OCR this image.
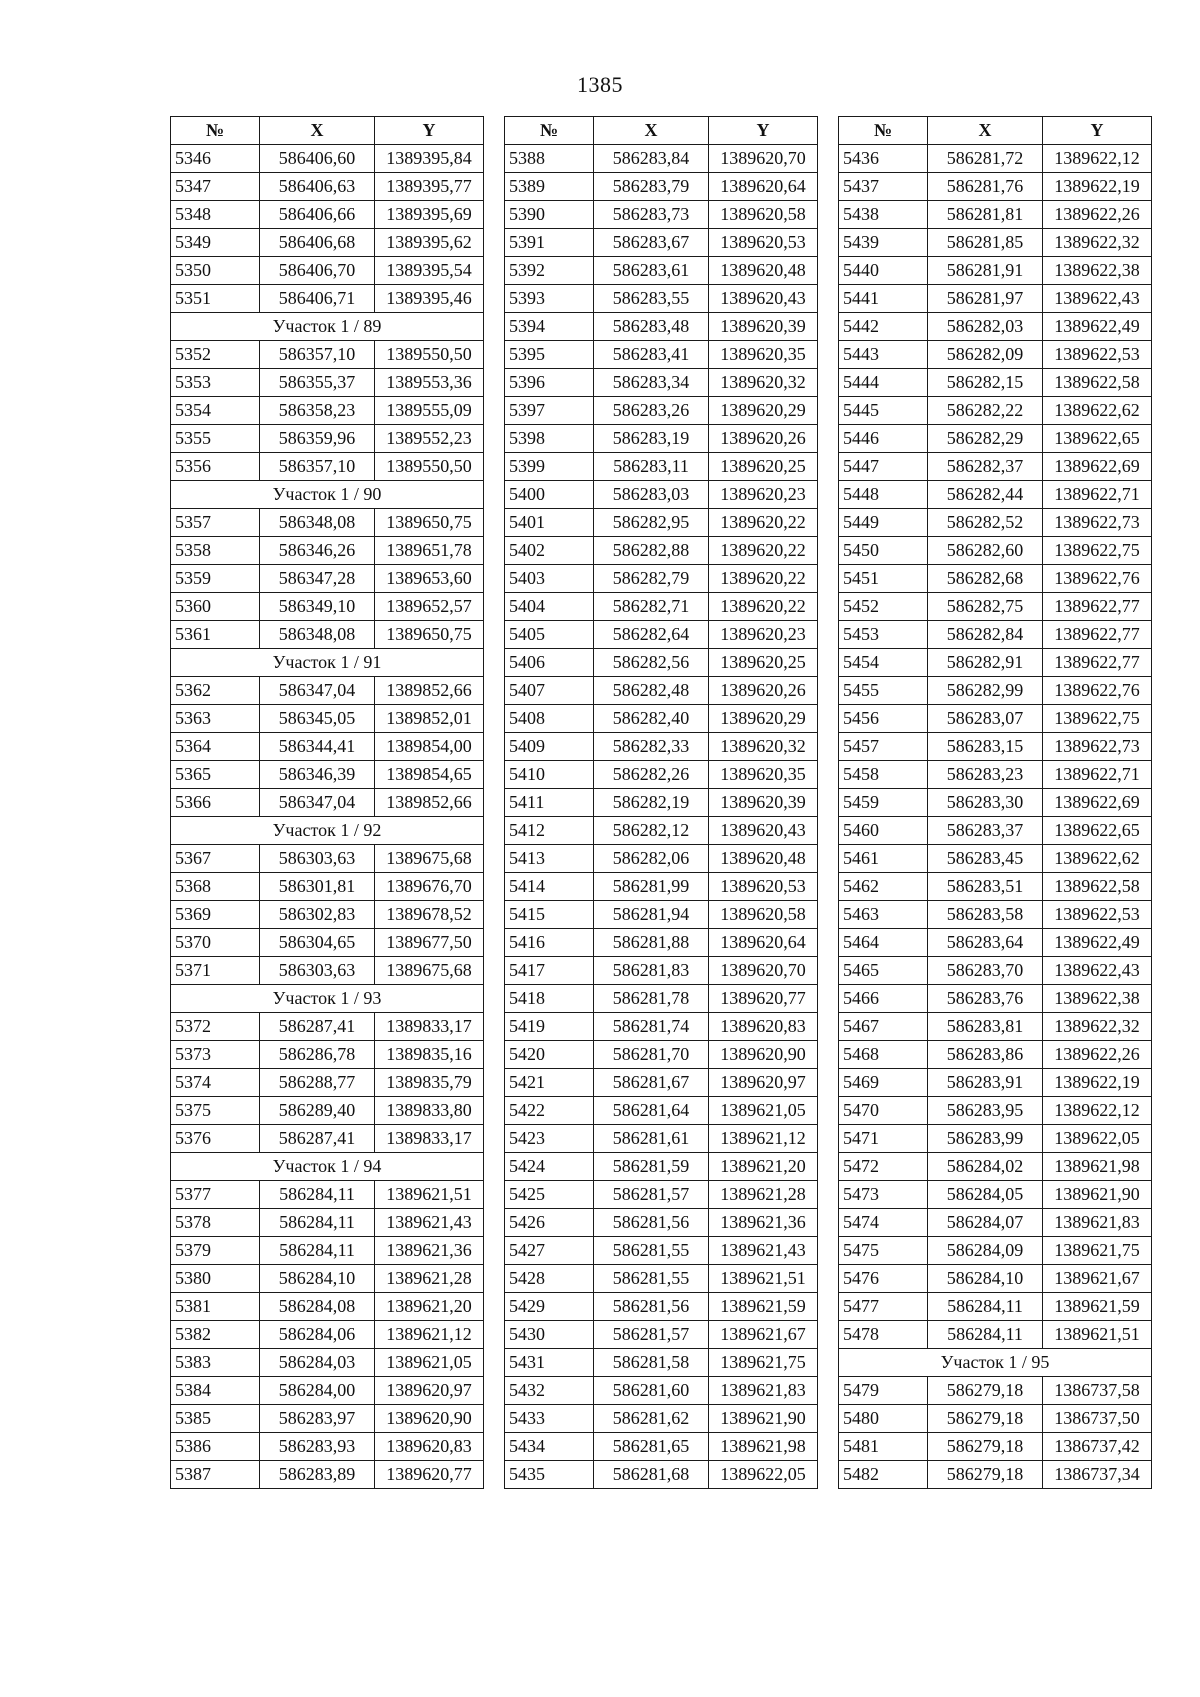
1385
№	X	Y
5346	586406,60	1389395,84
5347	586406,63	1389395,77
5348	586406,66	1389395,69
5349	586406,68	1389395,62
5350	586406,70	1389395,54
5351	586406,71	1389395,46
Участок 1 / 89		
5352	586357,10	1389550,50
5353	586355,37	1389553,36
5354	586358,23	1389555,09
5355	586359,96	1389552,23
5356	586357,10	1389550,50
Участок 1 / 90		
5357	586348,08	1389650,75
5358	586346,26	1389651,78
5359	586347,28	1389653,60
5360	586349,10	1389652,57
5361	586348,08	1389650,75
Участок 1 / 91		
5362	586347,04	1389852,66
5363	586345,05	1389852,01
5364	586344,41	1389854,00
5365	586346,39	1389854,65
5366	586347,04	1389852,66
Участок 1 / 92		
5367	586303,63	1389675,68
5368	586301,81	1389676,70
5369	586302,83	1389678,52
5370	586304,65	1389677,50
5371	586303,63	1389675,68
Участок 1 / 93		
5372	586287,41	1389833,17
5373	586286,78	1389835,16
5374	586288,77	1389835,79
5375	586289,40	1389833,80
5376	586287,41	1389833,17
Участок 1 / 94		
5377	586284,11	1389621,51
5378	586284,11	1389621,43
5379	586284,11	1389621,36
5380	586284,10	1389621,28
5381	586284,08	1389621,20
5382	586284,06	1389621,12
5383	586284,03	1389621,05
5384	586284,00	1389620,97
5385	586283,97	1389620,90
5386	586283,93	1389620,83
5387	586283,89	1389620,77
№	X	Y
5388	586283,84	1389620,70
5389	586283,79	1389620,64
5390	586283,73	1389620,58
5391	586283,67	1389620,53
5392	586283,61	1389620,48
5393	586283,55	1389620,43
5394	586283,48	1389620,39
5395	586283,41	1389620,35
5396	586283,34	1389620,32
5397	586283,26	1389620,29
5398	586283,19	1389620,26
5399	586283,11	1389620,25
5400	586283,03	1389620,23
5401	586282,95	1389620,22
5402	586282,88	1389620,22
5403	586282,79	1389620,22
5404	586282,71	1389620,22
5405	586282,64	1389620,23
5406	586282,56	1389620,25
5407	586282,48	1389620,26
5408	586282,40	1389620,29
5409	586282,33	1389620,32
5410	586282,26	1389620,35
5411	586282,19	1389620,39
5412	586282,12	1389620,43
5413	586282,06	1389620,48
5414	586281,99	1389620,53
5415	586281,94	1389620,58
5416	586281,88	1389620,64
5417	586281,83	1389620,70
5418	586281,78	1389620,77
5419	586281,74	1389620,83
5420	586281,70	1389620,90
5421	586281,67	1389620,97
5422	586281,64	1389621,05
5423	586281,61	1389621,12
5424	586281,59	1389621,20
5425	586281,57	1389621,28
5426	586281,56	1389621,36
5427	586281,55	1389621,43
5428	586281,55	1389621,51
5429	586281,56	1389621,59
5430	586281,57	1389621,67
5431	586281,58	1389621,75
5432	586281,60	1389621,83
5433	586281,62	1389621,90
5434	586281,65	1389621,98
5435	586281,68	1389622,05
№	X	Y
5436	586281,72	1389622,12
5437	586281,76	1389622,19
5438	586281,81	1389622,26
5439	586281,85	1389622,32
5440	586281,91	1389622,38
5441	586281,97	1389622,43
5442	586282,03	1389622,49
5443	586282,09	1389622,53
5444	586282,15	1389622,58
5445	586282,22	1389622,62
5446	586282,29	1389622,65
5447	586282,37	1389622,69
5448	586282,44	1389622,71
5449	586282,52	1389622,73
5450	586282,60	1389622,75
5451	586282,68	1389622,76
5452	586282,75	1389622,77
5453	586282,84	1389622,77
5454	586282,91	1389622,77
5455	586282,99	1389622,76
5456	586283,07	1389622,75
5457	586283,15	1389622,73
5458	586283,23	1389622,71
5459	586283,30	1389622,69
5460	586283,37	1389622,65
5461	586283,45	1389622,62
5462	586283,51	1389622,58
5463	586283,58	1389622,53
5464	586283,64	1389622,49
5465	586283,70	1389622,43
5466	586283,76	1389622,38
5467	586283,81	1389622,32
5468	586283,86	1389622,26
5469	586283,91	1389622,19
5470	586283,95	1389622,12
5471	586283,99	1389622,05
5472	586284,02	1389621,98
5473	586284,05	1389621,90
5474	586284,07	1389621,83
5475	586284,09	1389621,75
5476	586284,10	1389621,67
5477	586284,11	1389621,59
5478	586284,11	1389621,51
Участок 1 / 95		
5479	586279,18	1386737,58
5480	586279,18	1386737,50
5481	586279,18	1386737,42
5482	586279,18	1386737,34
